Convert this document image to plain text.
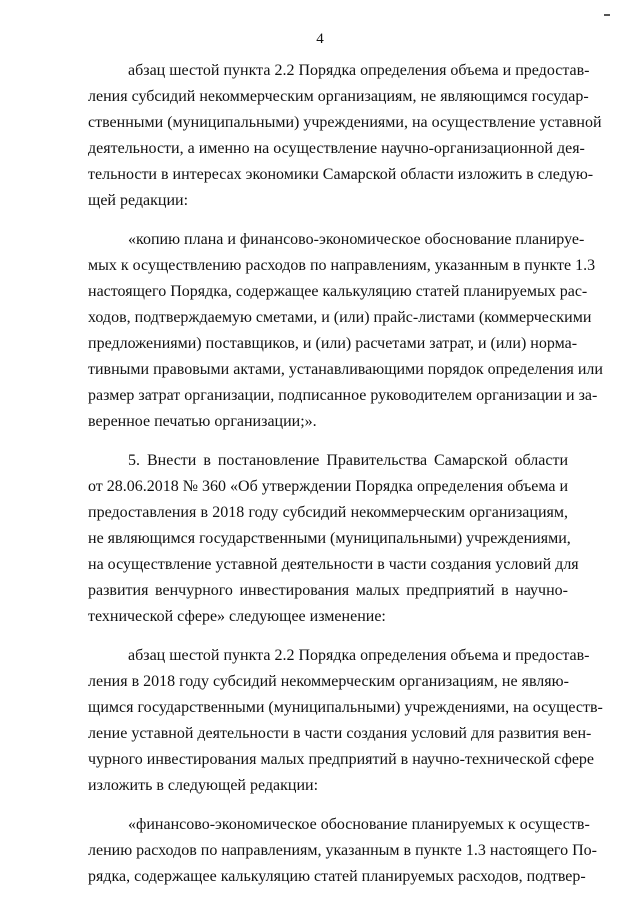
4
абзац шестой пункта 2.2 Порядка определения объема и предостав-
ления субсидий некоммерческим организациям, не являющимся государ-
ственными (муниципальными) учреждениями, на осуществление уставной
деятельности, а именно на осуществление научно-организационной дея-
тельности в интересах экономики Самарской области изложить в следую-
щей редакции:
«копию плана и финансово-экономическое обоснование планируе-
мых к осуществлению расходов по направлениям, указанным в пункте 1.3
настоящего Порядка, содержащее калькуляцию статей планируемых рас-
ходов, подтверждаемую сметами, и (или) прайс-листами (коммерческими
предложениями) поставщиков, и (или) расчетами затрат, и (или) норма-
тивными правовыми актами, устанавливающими порядок определения или
размер затрат организации, подписанное руководителем организации и за-
веренное печатью организации;».
5. Внести в постановление Правительства Самарской области
от 28.06.2018 № 360 «Об утверждении Порядка определения объема и
предоставления в 2018 году субсидий некоммерческим организациям,
не являющимся государственными (муниципальными) учреждениями,
на осуществление уставной деятельности в части создания условий для
развития венчурного инвестирования малых предприятий в научно-
технической сфере» следующее изменение:
абзац шестой пункта 2.2 Порядка определения объема и предостав-
ления в 2018 году субсидий некоммерческим организациям, не являю-
щимся государственными (муниципальными) учреждениями, на осуществ-
ление уставной деятельности в части создания условий для развития вен-
чурного инвестирования малых предприятий в научно-технической сфере
изложить в следующей редакции:
«финансово-экономическое обоснование планируемых к осуществ-
лению расходов по направлениям, указанным в пункте 1.3 настоящего По-
рядка, содержащее калькуляцию статей планируемых расходов, подтвер-
